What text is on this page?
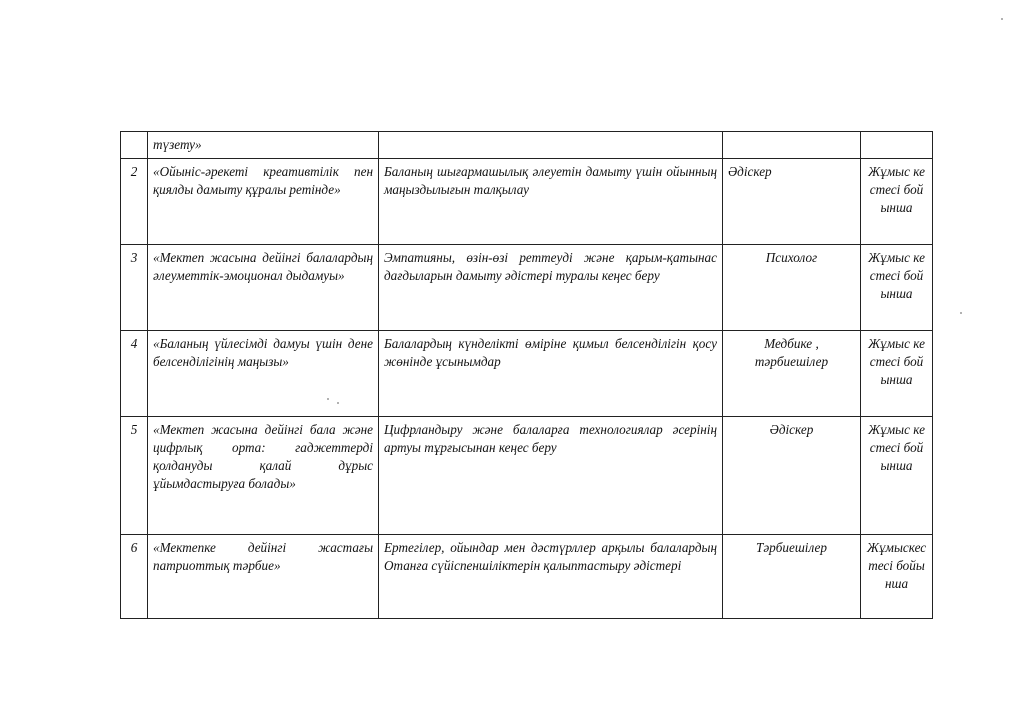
	түзету»			
2	«Ойыніс-әрекеті креативтілік пен қиялды дамыту құралы ретінде»	Баланың шығармашылық әлеуетін дамыту үшін ойынның маңыздылығын талқылау	Әдіскер	Жұмыс кестесі бойынша
3	«Мектеп жасына дейінгі балалардың әлеуметтік-эмоционал дыдамуы»	Эмпатияны, өзін-өзі реттеуді және қарым-қатынас дағдыларын дамыту әдістері туралы кеңес беру	Психолог	Жұмыс кестесі бойынша
4	«Баланың үйлесімді дамуы үшін дене белсенділігінің маңызы»	Балалардың күнделікті өміріне қимыл белсенділігін қосу жөнінде ұсынымдар	Медбике , тәрбиешілер	Жұмыс кестесі бойынша
5	«Мектеп жасына дейінгі бала және цифрлық орта: гаджеттерді қолдануды қалай дұрыс ұйымдастыруға болады»	Цифрландыру және балаларға технологиялар әсерінің артуы тұрғысынан кеңес беру	Әдіскер	Жұмыс кестесі бойынша
6	«Мектепке дейінгі жастағы патриоттық тәрбие»	Ертегілер, ойындар мен дәстүрллер арқылы балалардың Отанға сүйіспеншіліктерін қалыптастыру әдістері	Тәрбиешілер	Жұмыскестесі бойынша
